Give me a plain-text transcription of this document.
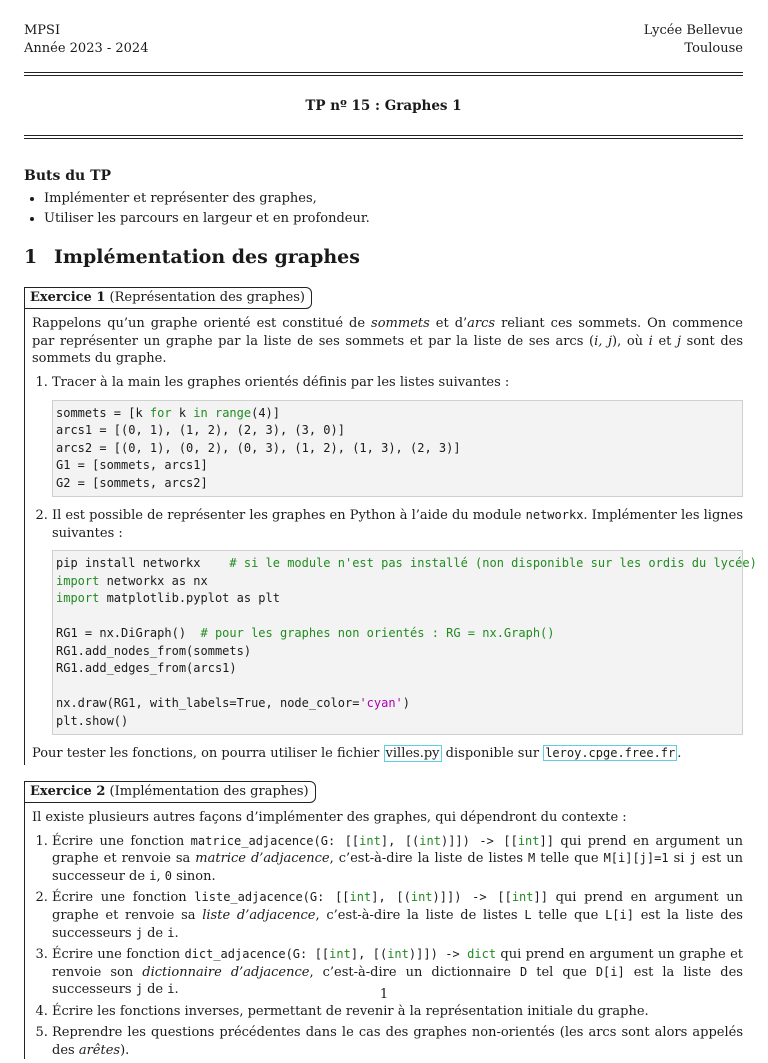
MPSI
Année 2023 - 2024
Lycée Bellevue
Toulouse
TP nº 15 : Graphes 1
Buts du TP
• Implémenter et représenter des graphes,
• Utiliser les parcours en largeur et en profondeur.
1 Implémentation des graphes
Exercice 1 (Représentation des graphes)

Rappelons qu’un graphe orienté est constitué de sommets et d’arcs reliant ces sommets. On commence par représenter un graphe par la liste de ses sommets et par la liste de ses arcs (i, j), où i et j sont des sommets du graphe.

1. Tracer à la main les graphes orientés définis par les listes suivantes :
sommets = [k for k in range(4)]
arcs1 = [(0, 1), (1, 2), (2, 3), (3, 0)]
arcs2 = [(0, 1), (0, 2), (0, 3), (1, 2), (1, 3), (2, 3)]
G1 = [sommets, arcs1]
G2 = [sommets, arcs2]
2. Il est possible de représenter les graphes en Python à l’aide du module networkx. Implémenter les lignes suivantes :
pip install networkx    # si le module n'est pas installé (non disponible sur les ordis du lycée)
import networkx as nx
import matplotlib.pyplot as plt
RG1 = nx.DiGraph()  # pour les graphes non orientés : RG = nx.Graph()
RG1.add_nodes_from(sommets)
RG1.add_edges_from(arcs1)
nx.draw(RG1, with_labels=True, node_color='cyan')
plt.show()

Pour tester les fonctions, on pourra utiliser le fichier villes.py disponible sur leroy.cpge.free.fr .

Exercice 2 (Implémentation des graphes)

Il existe plusieurs autres façons d’implémenter des graphes, qui dépendront du contexte :

1. Écrire une fonction matrice_adjacence(G: [[int], [(int)]]) -> [[int]] qui prend en argument un graphe et renvoie sa matrice d’adjacence, c’est-à-dire la liste de listes M telle que M[i][j]=1 si j est un successeur de i, 0 sinon.
2. Écrire une fonction liste_adjacence(G: [[int], [(int)]]) -> [[int]] qui prend en argument un graphe et renvoie sa liste d’adjacence, c’est-à-dire la liste de listes L telle que L[i] est la liste des successeurs j de i.
3. Écrire une fonction dict_adjacence(G: [[int], [(int)]]) -> dict qui prend en argument un graphe et renvoie son dictionnaire d’adjacence, c’est-à-dire un dictionnaire D tel que D[i] est la liste des successeurs j de i.
4. Écrire les fonctions inverses, permettant de revenir à la représentation initiale du graphe.
5. Reprendre les questions précédentes dans le cas des graphes non-orientés (les arcs sont alors appelés des arêtes).
1
